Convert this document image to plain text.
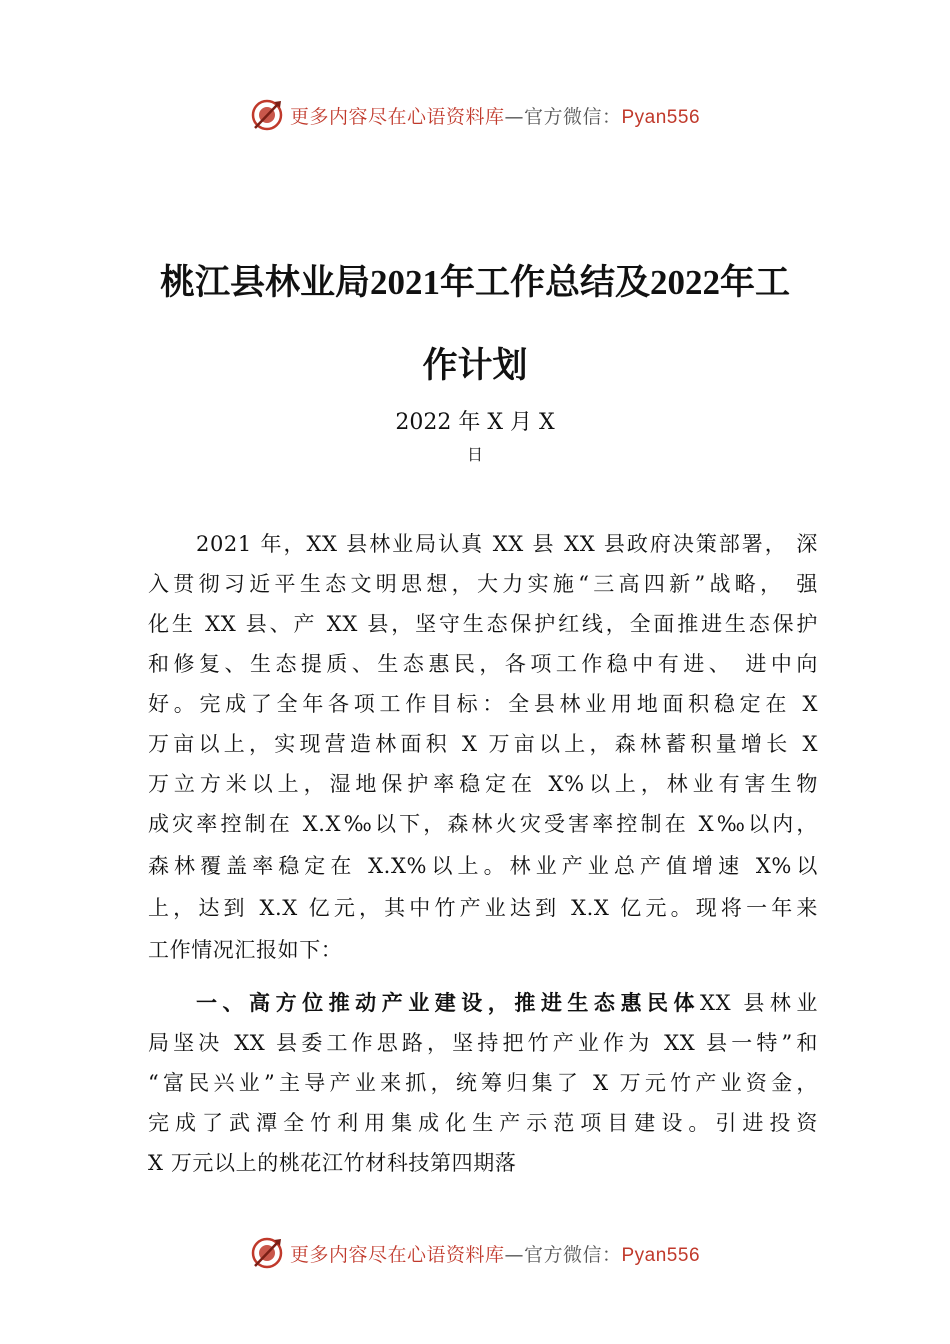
更多内容尽在心语资料库—官方微信：Pyan556
桃江县林业局2021年工作总结及2022年工
作计划
2022 年 X 月 X
日
2021 年，XX 县林业局认真 XX 县 XX 县政府决策部署， 深
入贯彻习近平生态文明思想，大力实施“三高四新”战略， 强
化生 XX 县、产 XX 县，坚守生态保护红线，全面推进生态保护
和修复、生态提质、生态惠民，各项工作稳中有进、 进中向
好。完成了全年各项工作目标：全县林业用地面积稳定在 X
万亩以上，实现营造林面积 X 万亩以上，森林蓄积量增长 X
万立方米以上，湿地保护率稳定在 X%以上，林业有害生物
成灾率控制在 X.X‰以下，森林火灾受害率控制在 X‰以内，
森林覆盖率稳定在 X.X%以上。林业产业总产值增速 X%以
上，达到 X.X 亿元，其中竹产业达到 X.X 亿元。现将一年来
工作情况汇报如下：
一、高方位推动产业建设，推进生态惠民体XX 县林业
局坚决 XX 县委工作思路，坚持把竹产业作为 XX 县一特”和
“富民兴业”主导产业来抓，统筹归集了 X 万元竹产业资金，
完成了武潭全竹利用集成化生产示范项目建设。引进投资
X 万元以上的桃花江竹材科技第四期落
更多内容尽在心语资料库—官方微信：Pyan556
